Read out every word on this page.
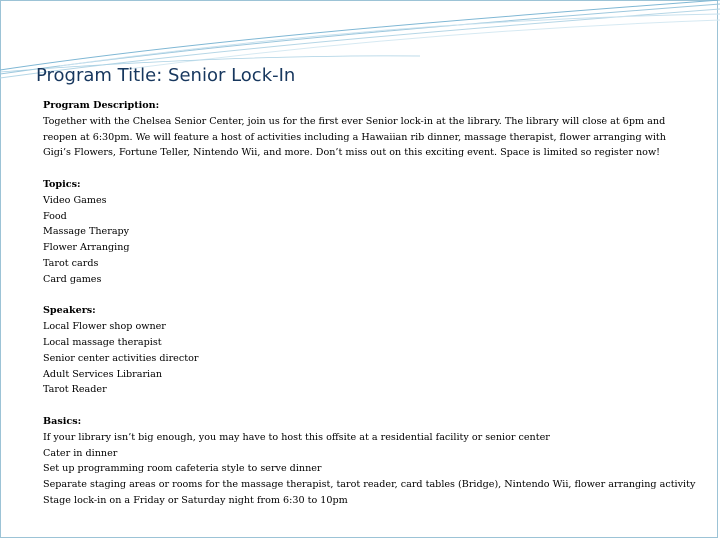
Program Title: Senior Lock-In
Program Description:
Together with the Chelsea Senior Center, join us for the first ever Senior lock-in at the library. The library will close at 6pm and reopen at 6:30pm. We will feature a host of activities including a Hawaiian rib dinner, massage therapist, flower arranging with Gigi’s Flowers, Fortune Teller, Nintendo Wii, and more. Don’t miss out on this exciting event. Space is limited so register now!
Topics:
Video Games
Food
Massage Therapy
Flower Arranging
Tarot cards
Card games
Speakers:
Local Flower shop owner
Local massage therapist
Senior center activities director
Adult Services Librarian
Tarot Reader
Basics:
If your library isn’t big enough, you may have to host this offsite at a residential facility or senior center
Cater in dinner
Set up programming room cafeteria style to serve dinner
Separate staging areas or rooms for the massage therapist, tarot reader, card tables (Bridge), Nintendo Wii, flower arranging activity
Stage lock-in on a Friday or Saturday night from 6:30 to 10pm
